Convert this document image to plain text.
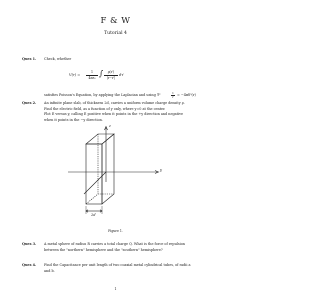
F & W
Tutorial 4
Ques 1. Check, whether
V(r) =
1
4πε₀ ∫	ρ(r′)
|r−r′|
dτ′
satisfies Poisson's Equation, by applying the Laplacian and using ∇²	1
r
= −4πδ³(r)
Ques 2. An infinite plane slab, of thickness 2d, carries a uniform volume charge density ρ.
Find the electric field, as a function of y only, where y=0 at the center.
Plot E versus y, calling E positive when it points in the +y direction and negative
when it points in the −y direction.
z
y
2d
Figure 1.
Ques 3. A metal sphere of radius R carries a total charge Q. What is the force of repulsion
between the "northern" hemisphere and the "southern" hemisphere?
Ques 4. Find the Capacitance per unit length of two coaxial metal cylindrical tubes, of radii a
and b.
1
